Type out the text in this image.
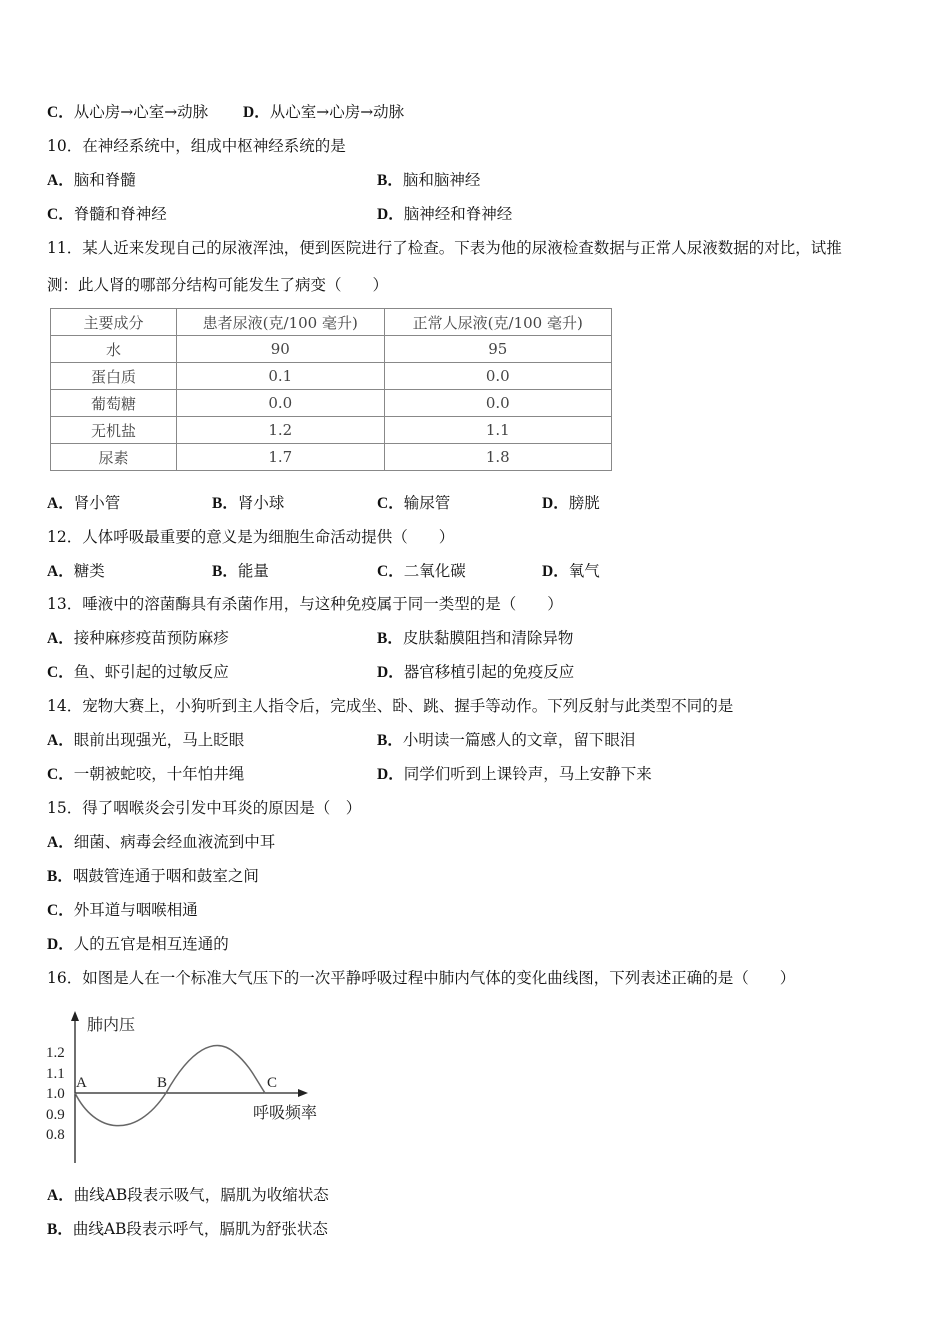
C．从心房→心室→动脉 D．从心室→心房→动脉
10．在神经系统中，组成中枢神经系统的是
A．脑和脊髓	B．脑和脑神经
C．脊髓和脊神经	D．脑神经和脊神经
11．某人近来发现自己的尿液浑浊，便到医院进行了检查。下表为他的尿液检查数据与正常人尿液数据的对比，试推
测：此人肾的哪部分结构可能发生了病变（　　）
主要成分	患者尿液(克/100 毫升)	正常人尿液(克/100 毫升)
水	90	95
蛋白质	0.1	0.0
葡萄糖	0.0	0.0
无机盐	1.2	1.1
尿素	1.7	1.8
A．肾小管	B．肾小球	C．输尿管	D．膀胱
12．人体呼吸最重要的意义是为细胞生命活动提供（　　）
A．糖类	B．能量	C．二氧化碳	D．氧气
13．唾液中的溶菌酶具有杀菌作用，与这种免疫属于同一类型的是（　　）
A．接种麻疹疫苗预防麻疹	B．皮肤黏膜阻挡和清除异物
C．鱼、虾引起的过敏反应	D．器官移植引起的免疫反应
14．宠物大赛上，小狗听到主人指令后，完成坐、卧、跳、握手等动作。下列反射与此类型不同的是
A．眼前出现强光，马上眨眼	B．小明读一篇感人的文章，留下眼泪
C．一朝被蛇咬，十年怕井绳	D．同学们听到上课铃声，马上安静下来
15．得了咽喉炎会引发中耳炎的原因是（　）
A．细菌、病毒会经血液流到中耳
B．咽鼓管连通于咽和鼓室之间
C．外耳道与咽喉相通
D．人的五官是相互连通的
16．如图是人在一个标准大气压下的一次平静呼吸过程中肺内气体的变化曲线图，下列表述正确的是（　　）
肺内压
1.2
1.1
1.0
0.9
0.8
A	B	C
呼吸频率
A．曲线AB段表示吸气，膈肌为收缩状态
B．曲线AB段表示呼气，膈肌为舒张状态
